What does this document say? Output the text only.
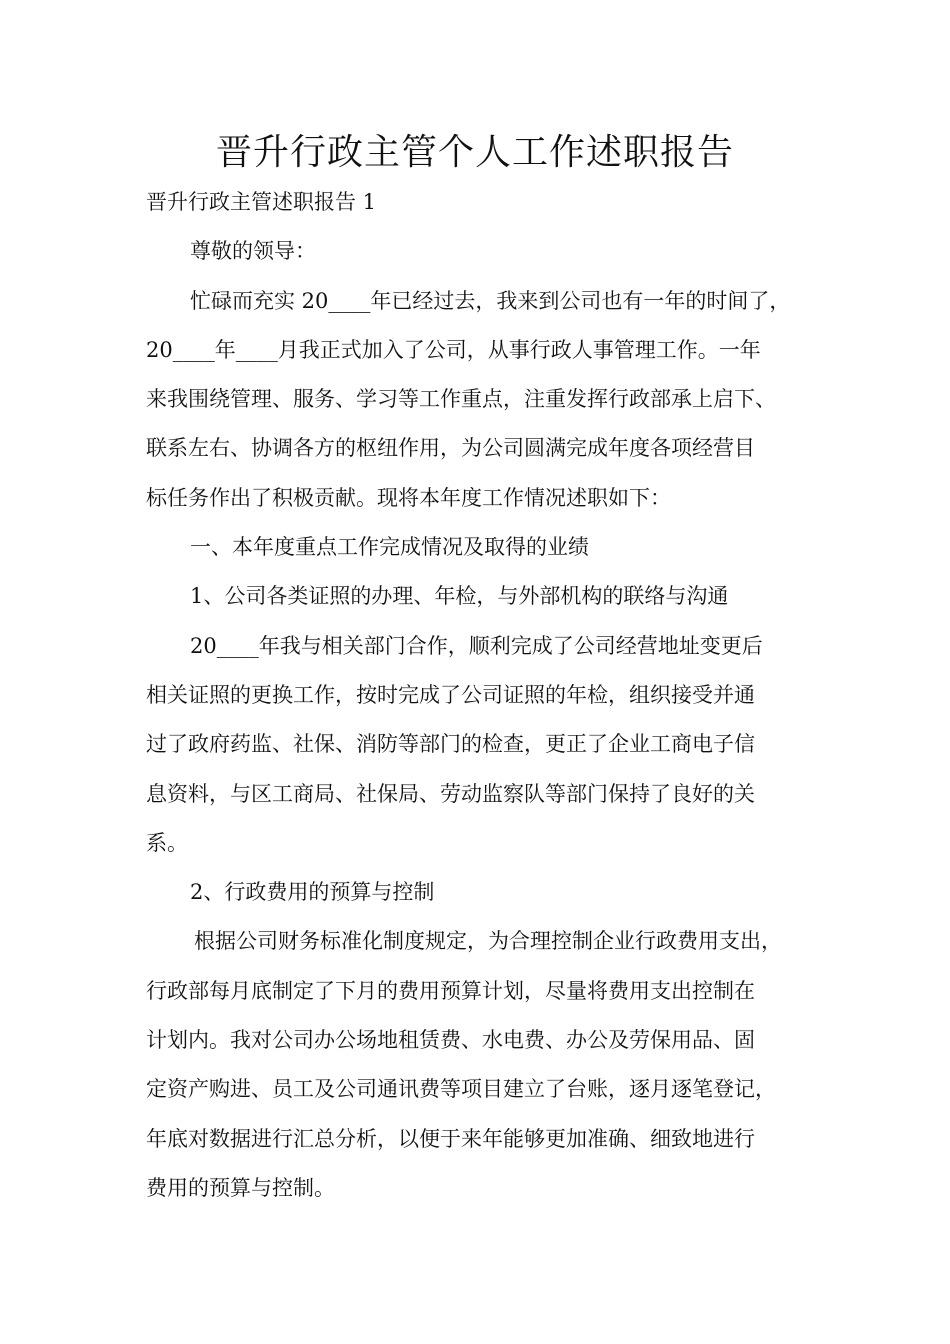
晋升行政主管个人工作述职报告
晋升行政主管述职报告 1
尊敬的领导：
忙碌而充实 20____年已经过去，我来到公司也有一年的时间了，
20____年____月我正式加入了公司，从事行政人事管理工作。一年
来我围绕管理、服务、学习等工作重点，注重发挥行政部承上启下、
联系左右、协调各方的枢纽作用，为公司圆满完成年度各项经营目
标任务作出了积极贡献。现将本年度工作情况述职如下：
一、本年度重点工作完成情况及取得的业绩
1、公司各类证照的办理、年检，与外部机构的联络与沟通
20____年我与相关部门合作，顺利完成了公司经营地址变更后
相关证照的更换工作，按时完成了公司证照的年检，组织接受并通
过了政府药监、社保、消防等部门的检查，更正了企业工商电子信
息资料，与区工商局、社保局、劳动监察队等部门保持了良好的关
系。
2、行政费用的预算与控制
根据公司财务标准化制度规定，为合理控制企业行政费用支出，
行政部每月底制定了下月的费用预算计划，尽量将费用支出控制在
计划内。我对公司办公场地租赁费、水电费、办公及劳保用品、固
定资产购进、员工及公司通讯费等项目建立了台账，逐月逐笔登记，
年底对数据进行汇总分析，以便于来年能够更加准确、细致地进行
费用的预算与控制。
